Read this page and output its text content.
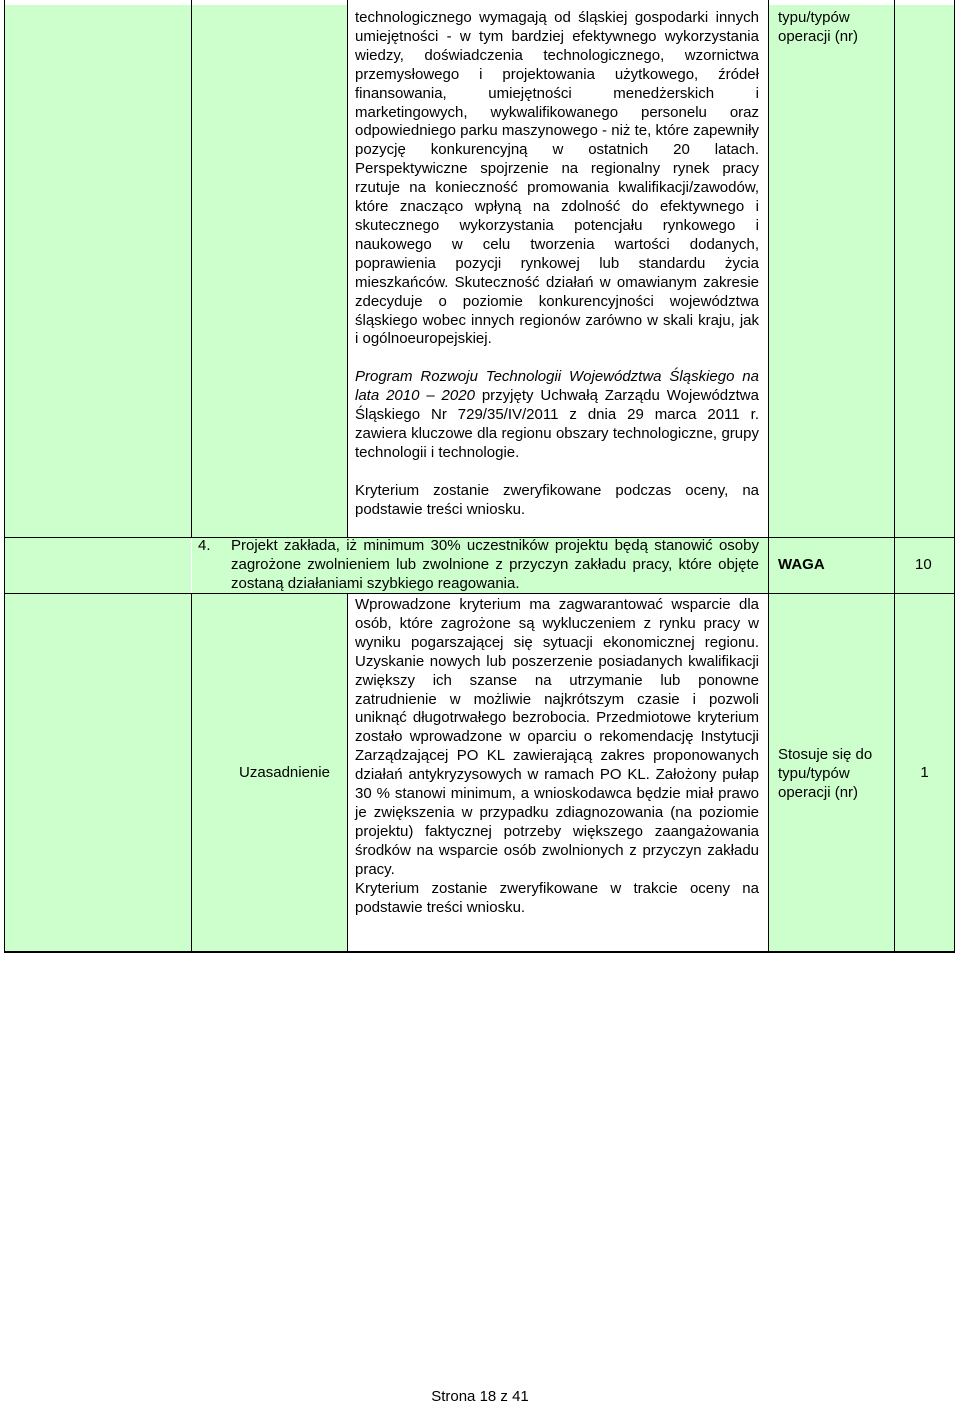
technologicznego wymagają od śląskiej gospodarki innych umiejętności - w tym bardziej efektywnego wykorzystania wiedzy, doświadczenia technologicznego, wzornictwa przemysłowego i projektowania użytkowego, źródeł finansowania, umiejętności menedżerskich i marketingowych, wykwalifikowanego personelu oraz odpowiedniego parku maszynowego - niż te, które zapewniły pozycję konkurencyjną w ostatnich 20 latach. Perspektywiczne spojrzenie na regionalny rynek pracy rzutuje na konieczność promowania kwalifikacji/zawodów, które znacząco wpłyną na zdolność do efektywnego i skutecznego wykorzystania potencjału rynkowego i naukowego w celu tworzenia wartości dodanych, poprawienia pozycji rynkowej lub standardu życia mieszkańców. Skuteczność działań w omawianym zakresie zdecyduje o poziomie konkurencyjności województwa śląskiego wobec innych regionów zarówno w skali kraju, jak i ogólnoeuropejskiej.

Program Rozwoju Technologii Województwa Śląskiego na lata 2010 – 2020 przyjęty Uchwałą Zarządu Województwa Śląskiego Nr 729/35/IV/2011 z dnia 29 marca 2011 r. zawiera kluczowe dla regionu obszary technologiczne, grupy technologii i technologie.

Kryterium zostanie zweryfikowane podczas oceny, na podstawie treści wniosku.

typu/typów operacji (nr)
4.	Projekt zakłada, iż minimum 30% uczestników projektu będą stanowić osoby zagrożone zwolnieniem lub zwolnione z przyczyn zakładu pracy, które objęte zostaną działaniami szybkiego reagowania.
WAGA	10
Uzasadnienie

Wprowadzone kryterium ma zagwarantować wsparcie dla osób, które zagrożone są wykluczeniem z rynku pracy w wyniku pogarszającej się sytuacji ekonomicznej regionu. Uzyskanie nowych lub poszerzenie posiadanych kwalifikacji zwiększy ich szanse na utrzymanie lub ponowne zatrudnienie w możliwie najkrótszym czasie i pozwoli uniknąć długotrwałego bezrobocia. Przedmiotowe kryterium zostało wprowadzone w oparciu o rekomendację Instytucji Zarządzającej PO KL zawierającą zakres proponowanych działań antykryzysowych w ramach PO KL. Założony pułap 30 % stanowi minimum, a wnioskodawca będzie miał prawo je zwiększenia w przypadku zdiagnozowania (na poziomie projektu) faktycznej potrzeby większego zaangażowania środków na wsparcie osób zwolnionych z przyczyn zakładu pracy.

Kryterium zostanie zweryfikowane w trakcie oceny na podstawie treści wniosku.

Stosuje się do typu/typów operacji (nr)
1
Strona 18 z 41
